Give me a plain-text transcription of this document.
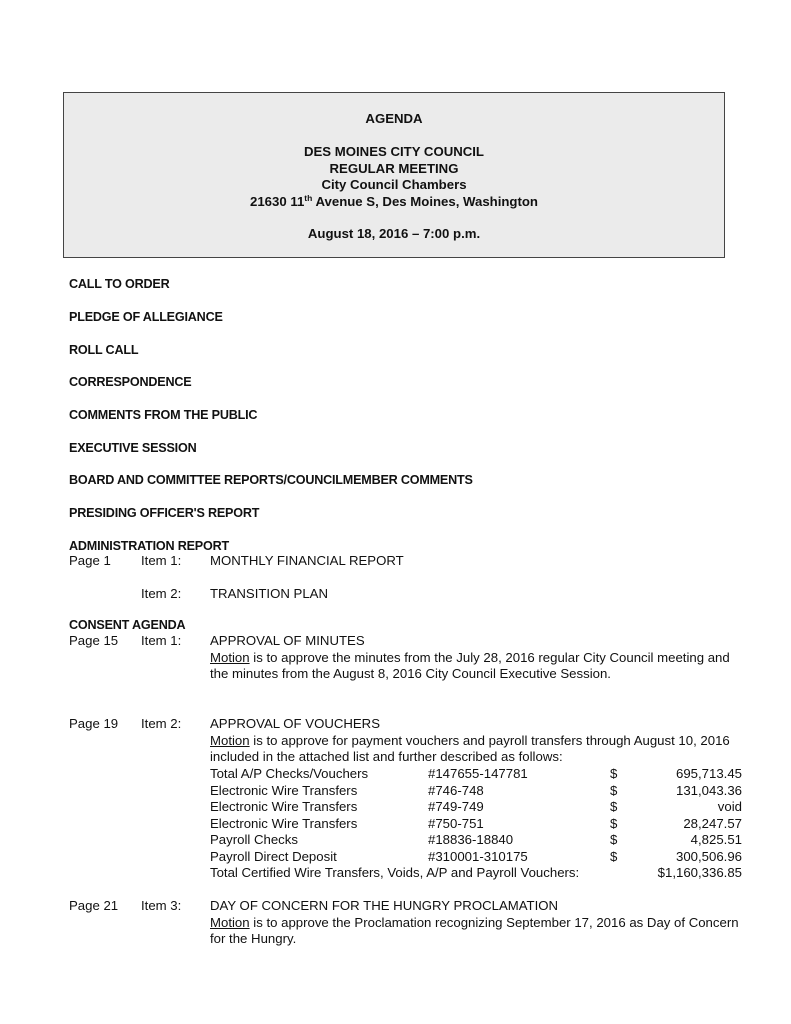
AGENDA
DES MOINES CITY COUNCIL
REGULAR MEETING
City Council Chambers
21630 11th Avenue S, Des Moines, Washington
August 18, 2016 – 7:00 p.m.
CALL TO ORDER
PLEDGE OF ALLEGIANCE
ROLL CALL
CORRESPONDENCE
COMMENTS FROM THE PUBLIC
EXECUTIVE SESSION
BOARD AND COMMITTEE REPORTS/COUNCILMEMBER COMMENTS
PRESIDING OFFICER'S REPORT
ADMINISTRATION REPORT
Page 1	Item 1:	MONTHLY FINANCIAL REPORT
Item 2:	TRANSITION PLAN
CONSENT AGENDA
Page 15	Item 1:	APPROVAL OF MINUTES
Motion is to approve the minutes from the July 28, 2016 regular City Council meeting and the minutes from the August 8, 2016 City Council Executive Session.
Page 19	Item 2:	APPROVAL OF VOUCHERS
Motion is to approve for payment vouchers and payroll transfers through August 10, 2016 included in the attached list and further described as follows:
Total A/P Checks/Vouchers	#147655-147781	$	695,713.45
Electronic Wire Transfers	#746-748	$	131,043.36
Electronic Wire Transfers	#749-749	$	void
Electronic Wire Transfers	#750-751	$	28,247.57
Payroll Checks	#18836-18840	$	4,825.51
Payroll Direct Deposit	#310001-310175	$	300,506.96
Total Certified Wire Transfers, Voids, A/P and Payroll Vouchers:	$1,160,336.85
Page 21	Item 3:	DAY OF CONCERN FOR THE HUNGRY PROCLAMATION
Motion is to approve the Proclamation recognizing September 17, 2016 as Day of Concern for the Hungry.
